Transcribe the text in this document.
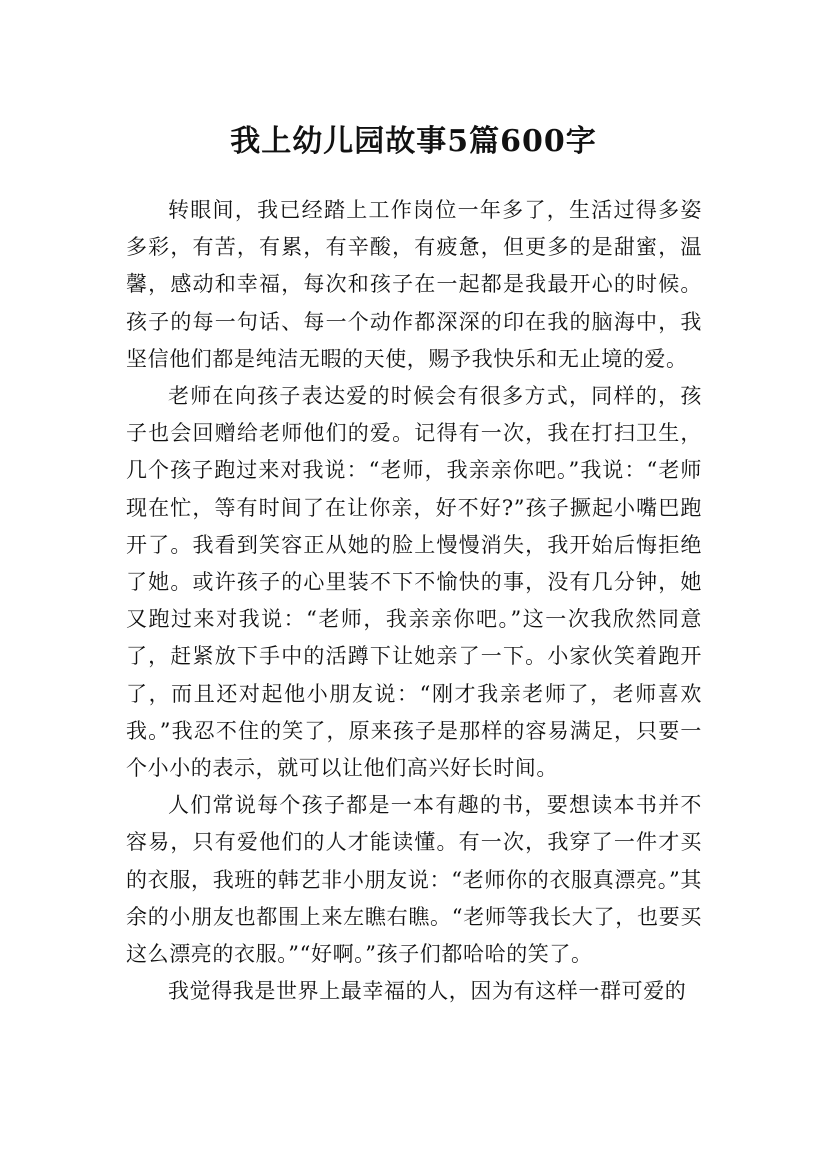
我上幼儿园故事5篇600字

转眼间，我已经踏上工作岗位一年多了，生活过得多姿多彩，有苦，有累，有辛酸，有疲惫，但更多的是甜蜜，温馨，感动和幸福，每次和孩子在一起都是我最开心的时候。孩子的每一句话、每一个动作都深深的印在我的脑海中，我坚信他们都是纯洁无暇的天使，赐予我快乐和无止境的爱。

老师在向孩子表达爱的时候会有很多方式，同样的，孩子也会回赠给老师他们的爱。记得有一次，我在打扫卫生，几个孩子跑过来对我说：“老师，我亲亲你吧。”我说：“老师现在忙，等有时间了在让你亲，好不好?”孩子撅起小嘴巴跑开了。我看到笑容正从她的脸上慢慢消失，我开始后悔拒绝了她。或许孩子的心里装不下不愉快的事，没有几分钟，她又跑过来对我说：“老师，我亲亲你吧。”这一次我欣然同意了，赶紧放下手中的活蹲下让她亲了一下。小家伙笑着跑开了，而且还对起他小朋友说：“刚才我亲老师了，老师喜欢我。”我忍不住的笑了，原来孩子是那样的容易满足，只要一个小小的表示，就可以让他们高兴好长时间。

人们常说每个孩子都是一本有趣的书，要想读本书并不容易，只有爱他们的人才能读懂。有一次，我穿了一件才买的衣服，我班的韩艺非小朋友说：“老师你的衣服真漂亮。”其余的小朋友也都围上来左瞧右瞧。“老师等我长大了，也要买这么漂亮的衣服。”“好啊。”孩子们都哈哈的笑了。

我觉得我是世界上最幸福的人，因为有这样一群可爱的
